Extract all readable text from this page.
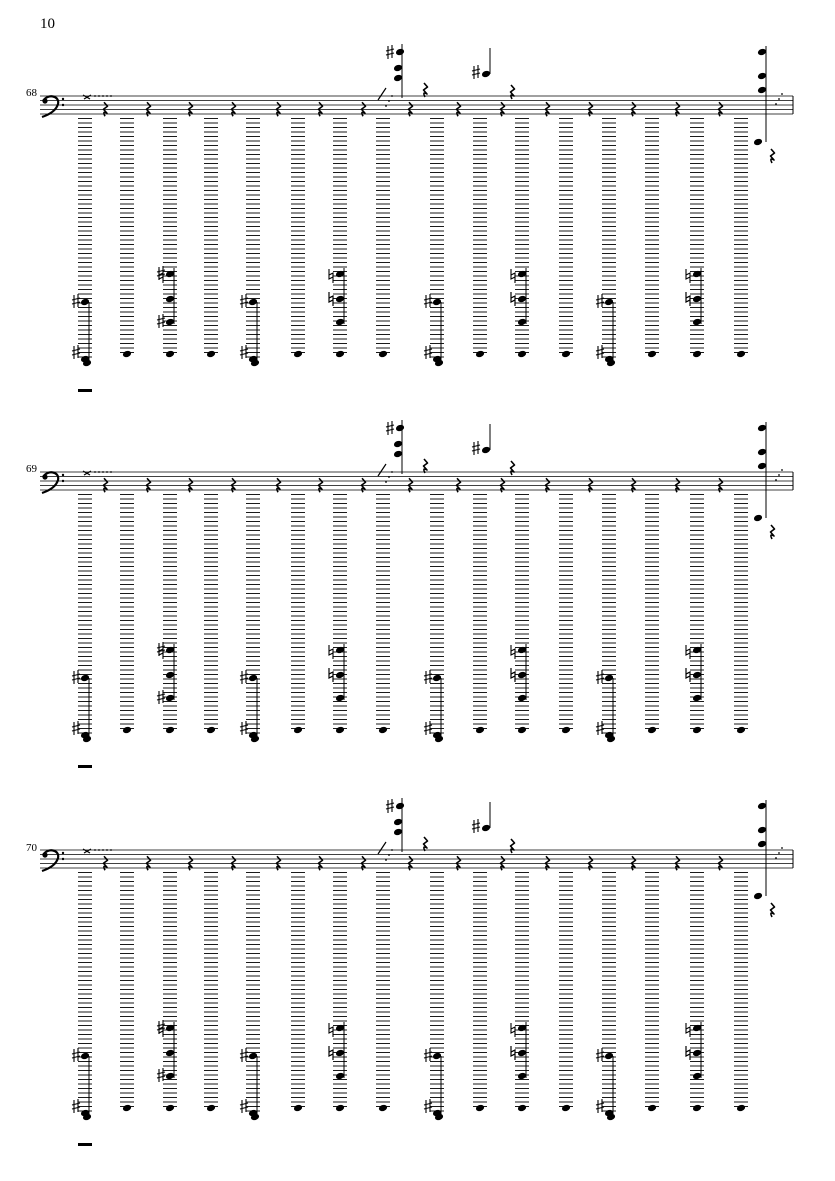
10
68
69
70
